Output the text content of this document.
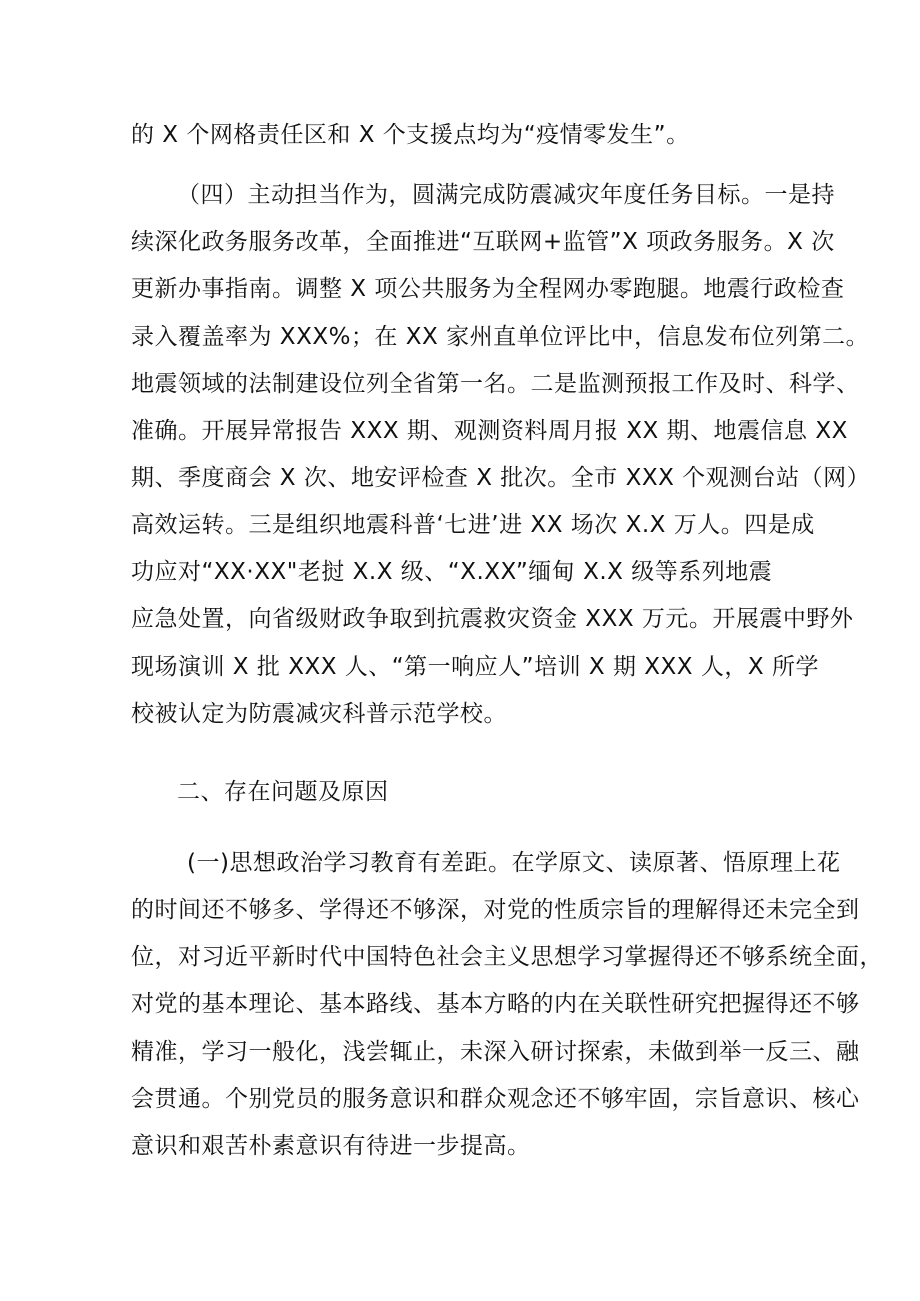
的 X 个网格责任区和 X 个支援点均为“疫情零发生”。
（四）主动担当作为，圆满完成防震减灾年度任务目标。一是持
续深化政务服务改革，全面推进“互联网+监管”X 项政务服务。X 次
更新办事指南。调整 X 项公共服务为全程网办零跑腿。地震行政检查
录入覆盖率为 XXX%；在 XX 家州直单位评比中，信息发布位列第二。
地震领域的法制建设位列全省第一名。二是监测预报工作及时、科学、
准确。开展异常报告 XXX 期、观测资料周月报 XX 期、地震信息 XX
期、季度商会 X 次、地安评检查 X 批次。全市 XXX 个观测台站（网）
高效运转。三是组织地震科普‘七进’进 XX 场次 X.X 万人。四是成
功应对“XX·XX"老挝 X.X 级、“X.XX”缅甸 X.X 级等系列地震
应急处置，向省级财政争取到抗震救灾资金 XXX 万元。开展震中野外
现场演训 X 批 XXX 人、“第一响应人”培训 X 期 XXX 人，X 所学
校被认定为防震减灾科普示范学校。
二、存在问题及原因
(一)思想政治学习教育有差距。在学原文、读原著、悟原理上花
的时间还不够多、学得还不够深，对党的性质宗旨的理解得还未完全到
位，对习近平新时代中国特色社会主义思想学习掌握得还不够系统全面，
对党的基本理论、基本路线、基本方略的内在关联性研究把握得还不够
精准，学习一般化，浅尝辄止，未深入研讨探索，未做到举一反三、融
会贯通。个别党员的服务意识和群众观念还不够牢固，宗旨意识、核心
意识和艰苦朴素意识有待进一步提高。
